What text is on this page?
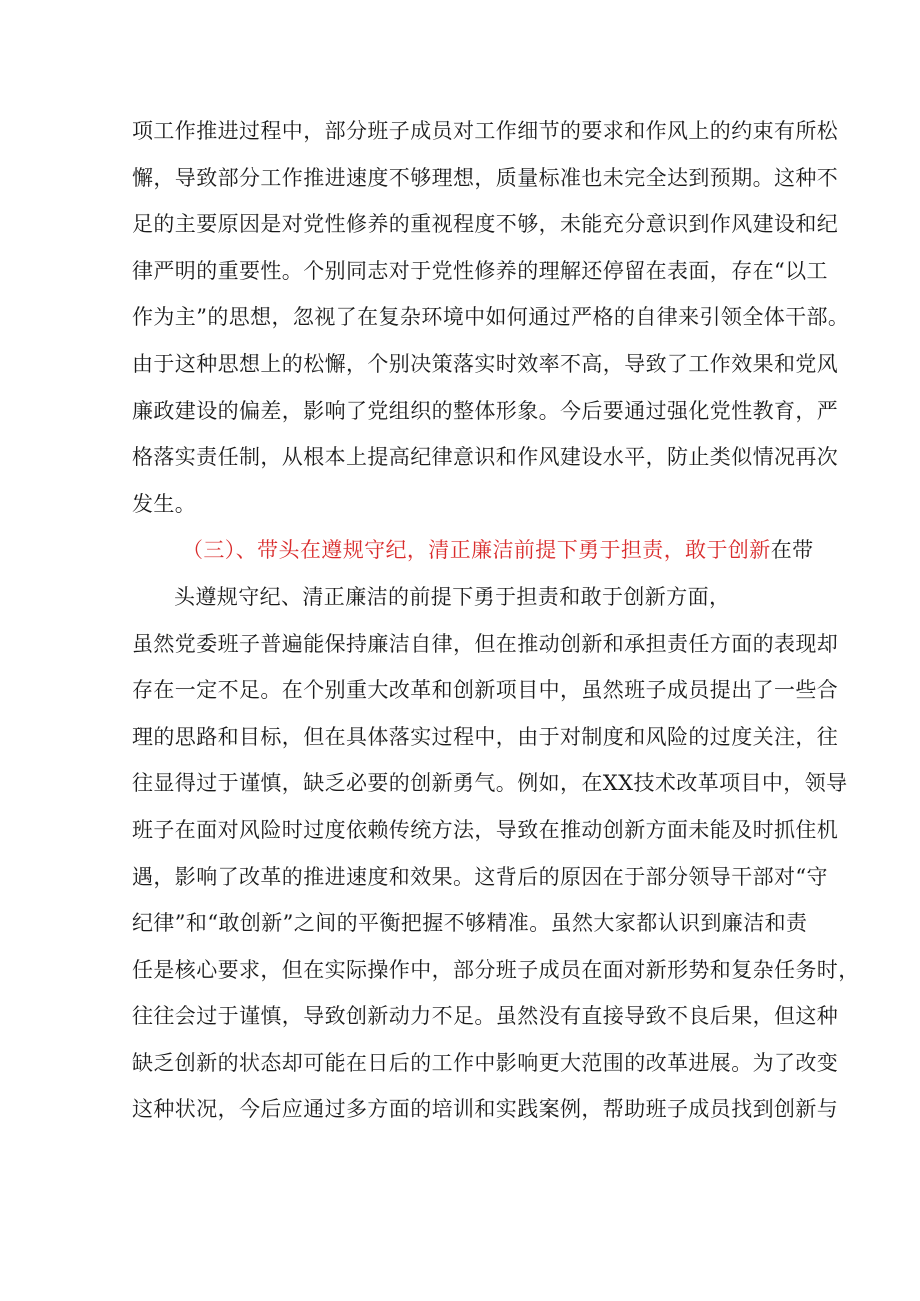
项工作推进过程中，部分班子成员对工作细节的要求和作风上的约束有所松
懈，导致部分工作推进速度不够理想，质量标准也未完全达到预期。这种不
足的主要原因是对党性修养的重视程度不够，未能充分意识到作风建设和纪
律严明的重要性。个别同志对于党性修养的理解还停留在表面，存在“以工
作为主”的思想，忽视了在复杂环境中如何通过严格的自律来引领全体干部。
由于这种思想上的松懈，个别决策落实时效率不高，导致了工作效果和党风
廉政建设的偏差，影响了党组织的整体形象。今后要通过强化党性教育，严
格落实责任制，从根本上提高纪律意识和作风建设水平，防止类似情况再次
发生。
（三）、带头在遵规守纪，清正廉洁前提下勇于担责，敢于创新在带
头遵规守纪、清正廉洁的前提下勇于担责和敢于创新方面，
虽然党委班子普遍能保持廉洁自律，但在推动创新和承担责任方面的表现却
存在一定不足。在个别重大改革和创新项目中，虽然班子成员提出了一些合
理的思路和目标，但在具体落实过程中，由于对制度和风险的过度关注，往
往显得过于谨慎，缺乏必要的创新勇气。例如，在XX技术改革项目中，领导
班子在面对风险时过度依赖传统方法，导致在推动创新方面未能及时抓住机
遇，影响了改革的推进速度和效果。这背后的原因在于部分领导干部对“守
纪律”和“敢创新”之间的平衡把握不够精准。虽然大家都认识到廉洁和责
任是核心要求，但在实际操作中，部分班子成员在面对新形势和复杂任务时，
往往会过于谨慎，导致创新动力不足。虽然没有直接导致不良后果，但这种
缺乏创新的状态却可能在日后的工作中影响更大范围的改革进展。为了改变
这种状况，今后应通过多方面的培训和实践案例，帮助班子成员找到创新与
